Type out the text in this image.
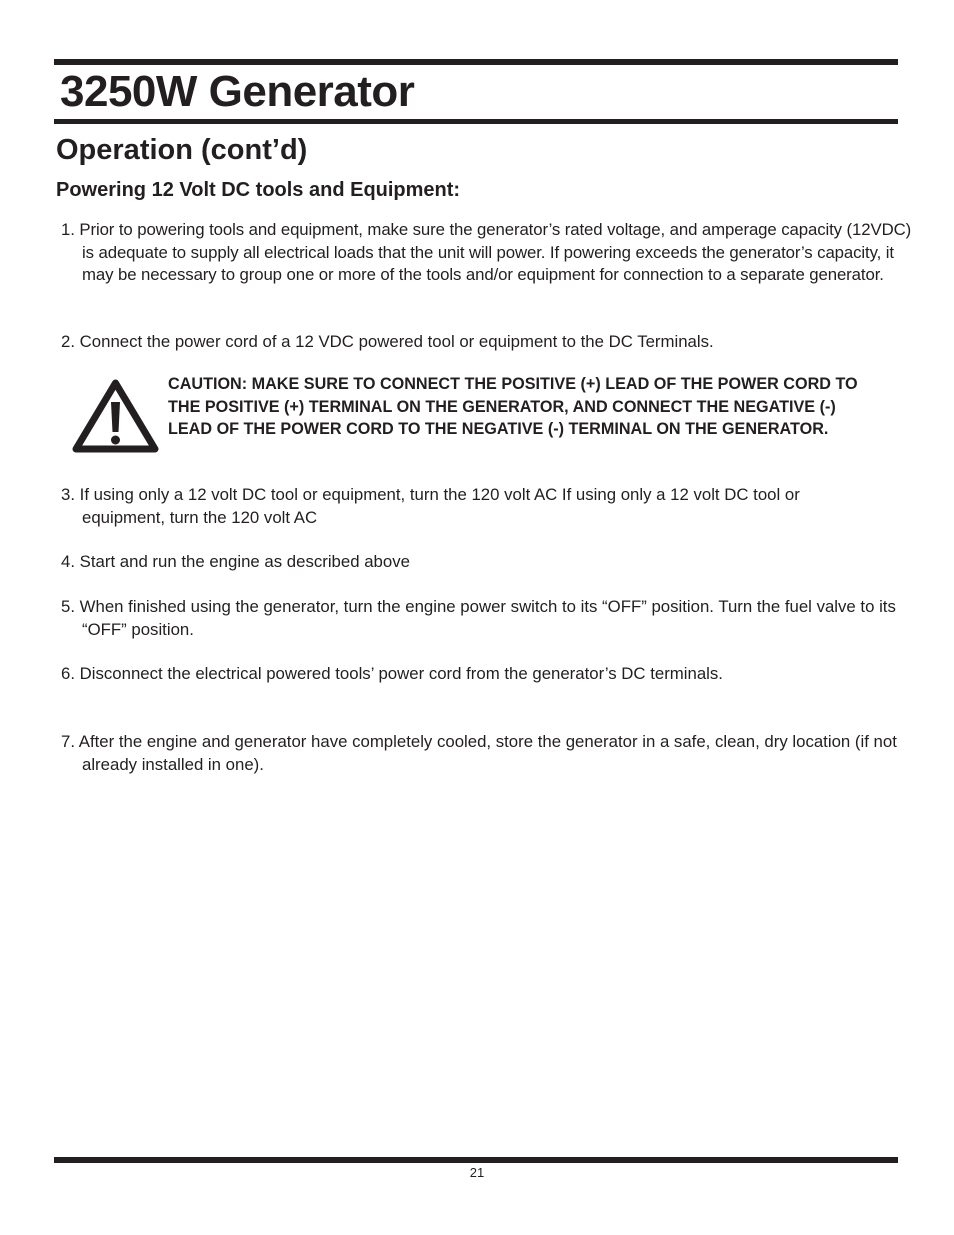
3250W Generator
Operation (cont’d)
Powering 12 Volt DC tools and Equipment:

1. Prior to powering tools and equipment, make sure the generator’s rated voltage, and amperage capacity (12VDC) is adequate to supply all electrical loads that the unit will power. If powering exceeds the generator’s capacity, it may be necessary to group one or more of the tools and/or equipment for connection to a separate generator.

2. Connect the power cord of a 12 VDC powered tool or equipment to the DC Terminals.

CAUTION: MAKE SURE TO CONNECT THE POSITIVE (+) LEAD OF THE POWER CORD TO THE POSITIVE (+) TERMINAL ON THE GENERATOR, AND CONNECT THE NEGATIVE (-) LEAD OF THE POWER CORD TO THE NEGATIVE (-) TERMINAL ON THE GENERATOR.

3. If using only a 12 volt DC tool or equipment, turn the 120 volt AC If using only a 12 volt DC tool or equipment, turn the 120 volt AC

4. Start and run the engine as described above

5. When finished using the generator, turn the engine power switch to its “OFF” position. Turn the fuel valve to its “OFF” position.

6. Disconnect the electrical powered tools’ power cord from the generator’s DC terminals.

7. After the engine and generator have completely cooled, store the generator in a safe, clean, dry location (if not already installed in one).

21
